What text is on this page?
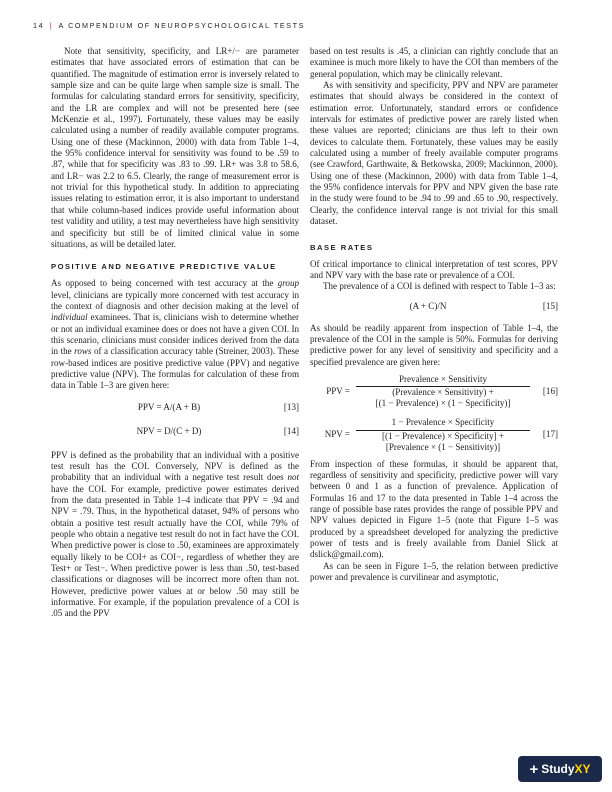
14 | A COMPENDIUM OF NEUROPSYCHOLOGICAL TESTS

Note that sensitivity, specificity, and LR+/− are parameter estimates that have associated errors of estimation that can be quantified. The magnitude of estimation error is inversely related to sample size and can be quite large when sample size is small. The formulas for calculating standard errors for sensitivity, specificity, and the LR are complex and will not be presented here (see McKenzie et al., 1997). Fortunately, these values may be easily calculated using a number of readily available computer programs. Using one of these (Mackinnon, 2000) with data from Table 1–4, the 95% confidence interval for sensitivity was found to be .59 to .87, while that for specificity was .83 to .99. LR+ was 3.8 to 58.6, and LR− was 2.2 to 6.5. Clearly, the range of measurement error is not trivial for this hypothetical study. In addition to appreciating issues relating to estimation error, it is also important to understand that while column-based indices provide useful information about test validity and utility, a test may nevertheless have high sensitivity and specificity but still be of limited clinical value in some situations, as will be detailed later.

POSITIVE AND NEGATIVE PREDICTIVE VALUE

As opposed to being concerned with test accuracy at the group level, clinicians are typically more concerned with test accuracy in the context of diagnosis and other decision making at the level of individual examinees. That is, clinicians wish to determine whether or not an individual examinee does or does not have a given COI. In this scenario, clinicians must consider indices derived from the data in the rows of a classification accuracy table (Streiner, 2003). These row-based indices are positive predictive value (PPV) and negative predictive value (NPV). The formulas for calculation of these from data in Table 1–3 are given here:

PPV = A/(A + B)	[13]
NPV = D/(C + D)	[14]

PPV is defined as the probability that an individual with a positive test result has the COI. Conversely, NPV is defined as the probability that an individual with a negative test result does not have the COI. For example, predictive power estimates derived from the data presented in Table 1–4 indicate that PPV = .94 and NPV = .79. Thus, in the hypothetical dataset, 94% of persons who obtain a positive test result actually have the COI, while 79% of people who obtain a negative test result do not in fact have the COI. When predictive power is close to .50, examinees are approximately equally likely to be COI+ as COI−, regardless of whether they are Test+ or Test−. When predictive power is less than .50, test-based classifications or diagnoses will be incorrect more often than not. However, predictive power values at or below .50 may still be informative. For example, if the population prevalence of a COI is .05 and the PPV

based on test results is .45, a clinician can rightly conclude that an examinee is much more likely to have the COI than members of the general population, which may be clinically relevant.

As with sensitivity and specificity, PPV and NPV are parameter estimates that should always be considered in the context of estimation error. Unfortunately, standard errors or confidence intervals for estimates of predictive power are rarely listed when these values are reported; clinicians are thus left to their own devices to calculate them. Fortunately, these values may be easily calculated using a number of freely available computer programs (see Crawford, Garthwaite, & Betkowska, 2009; Mackinnon, 2000). Using one of these (Mackinnon, 2000) with data from Table 1–4, the 95% confidence intervals for PPV and NPV given the base rate in the study were found to be .94 to .99 and .65 to .90, respectively. Clearly, the confidence interval range is not trivial for this small dataset.

BASE RATES

Of critical importance to clinical interpretation of test scores, PPV and NPV vary with the base rate or prevalence of a COI.

The prevalence of a COI is defined with respect to Table 1–3 as:

(A + C)/N	[15]

As should be readily apparent from inspection of Table 1–4, the prevalence of the COI in the sample is 50%. Formulas for deriving predictive power for any level of sensitivity and specificity and a specified prevalence are given here:

PPV =
Prevalence × Sensitivity
(Prevalence × Sensitivity) +
[(1 − Prevalence) × (1 − Specificity)]
[16]
NPV =
1 − Prevalence × Specificity
[(1 − Prevalence) × Specificity] +
[Prevalence × (1 − Sensitivity)]
[17]

From inspection of these formulas, it should be apparent that, regardless of sensitivity and specificity, predictive power will vary between 0 and 1 as a function of prevalence. Application of Formulas 16 and 17 to the data presented in Table 1–4 across the range of possible base rates provides the range of possible PPV and NPV values depicted in Figure 1–5 (note that Figure 1–5 was produced by a spreadsheet developed for analyzing the predictive power of tests and is freely available from Daniel Slick at dslick@gmail.com).

As can be seen in Figure 1–5, the relation between predictive power and prevalence is curvilinear and asymptotic,

+ Study XY
